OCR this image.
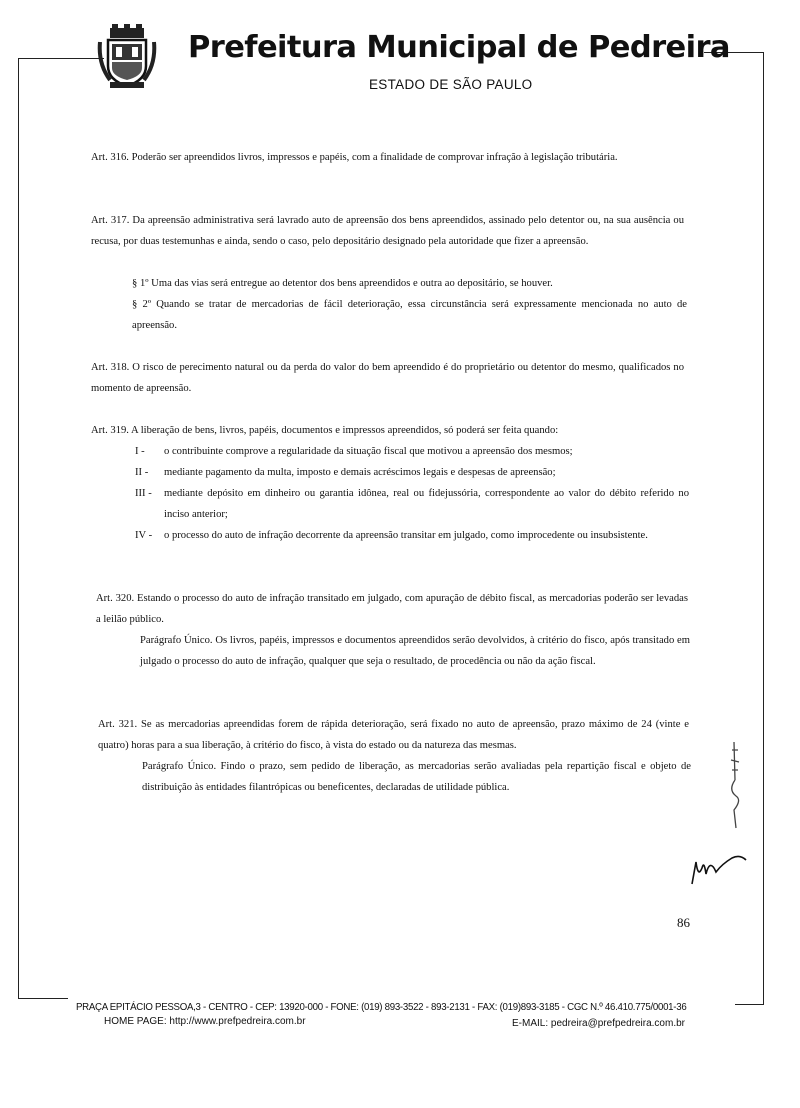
Prefeitura Municipal de Pedreira
ESTADO DE SÃO PAULO

Art. 316. Poderão ser apreendidos livros, impressos e papéis, com a finalidade de comprovar infração à legislação tributária.

Art. 317. Da apreensão administrativa será lavrado auto de apreensão dos bens apreendidos, assinado pelo detentor ou, na sua ausência ou recusa, por duas testemunhas e ainda, sendo o caso, pelo depositário designado pela autoridade que fizer a apreensão.

§ 1º Uma das vias será entregue ao detentor dos bens apreendidos e outra ao depositário, se houver.

§ 2º Quando se tratar de mercadorias de fácil deterioração, essa circunstância será expressamente mencionada no auto de apreensão.

Art. 318. O risco de perecimento natural ou da perda do valor do bem apreendido é do proprietário ou detentor do mesmo, qualificados no momento de apreensão.

Art. 319. A liberação de bens, livros, papéis, documentos e impressos apreendidos, só poderá ser feita quando:

I - o contribuinte comprove a regularidade da situação fiscal que motivou a apreensão dos mesmos;

II - mediante pagamento da multa, imposto e demais acréscimos legais e despesas de apreensão;

III - mediante depósito em dinheiro ou garantia idônea, real ou fidejussória, correspondente ao valor do débito referido no inciso anterior;

IV - o processo do auto de infração decorrente da apreensão transitar em julgado, como improcedente ou insubsistente.

Art. 320. Estando o processo do auto de infração transitado em julgado, com apuração de débito fiscal, as mercadorias poderão ser levadas a leilão público.

Parágrafo Único. Os livros, papéis, impressos e documentos apreendidos serão devolvidos, à critério do fisco, após transitado em julgado o processo do auto de infração, qualquer que seja o resultado, de procedência ou não da ação fiscal.

Art. 321. Se as mercadorias apreendidas forem de rápida deterioração, será fixado no auto de apreensão, prazo máximo de 24 (vinte e quatro) horas para a sua liberação, à critério do fisco, à vista do estado ou da natureza das mesmas.

Parágrafo Único. Findo o prazo, sem pedido de liberação, as mercadorias serão avaliadas pela repartição fiscal e objeto de distribuição às entidades filantrópicas ou beneficentes, declaradas de utilidade pública.

86
PRAÇA EPITÁCIO PESSOA,3 - CENTRO - CEP: 13920-000 - FONE: (019) 893-3522 - 893-2131 - FAX: (019)893-3185 - CGC N.º 46.410.775/0001-36
HOME PAGE: http://www.prefpedreira.com.br	E-MAIL: pedreira@prefpedreira.com.br
